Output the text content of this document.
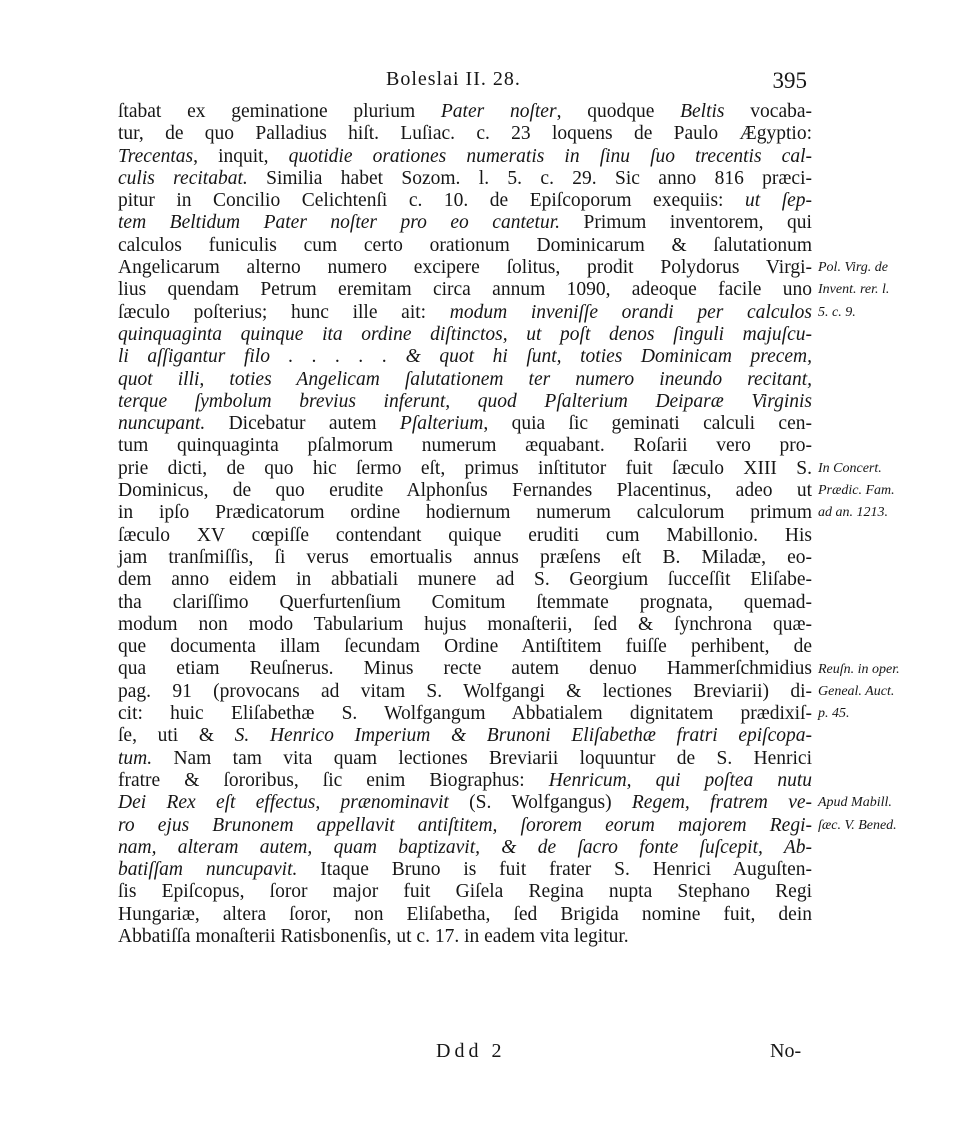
Boleslai II. 28.	395
ſtabat ex geminatione plurium Pater noſter, quodque Beltis vocaba-
tur, de quo Palladius hiſt. Luſiac. c. 23 loquens de Paulo Ægyptio:
Trecentas, inquit, quotidie orationes numeratis in ſinu ſuo trecentis cal-
culis recitabat. Similia habet Sozom. l. 5. c. 29. Sic anno 816 præci-
pitur in Concilio Celichtenſi c. 10. de Epiſcoporum exequiis: ut ſep-
tem Beltidum Pater noſter pro eo cantetur. Primum inventorem, qui
calculos funiculis cum certo orationum Dominicarum & ſalutationum
Angelicarum alterno numero excipere ſolitus, prodit Polydorus Virgi-
lius quendam Petrum eremitam circa annum 1090, adeoque facile uno
ſæculo poſterius; hunc ille ait: modum inveniſſe orandi per calculos
quinquaginta quinque ita ordine diſtinctos, ut poſt denos ſinguli majuſcu-
li aſſigantur filo . . . . . & quot hi ſunt, toties Dominicam precem,
quot illi, toties Angelicam ſalutationem ter numero ineundo recitant,
terque ſymbolum brevius inferunt, quod Pſalterium Deiparæ Virginis
nuncupant. Dicebatur autem Pſalterium, quia ſic geminati calculi cen-
tum quinquaginta pſalmorum numerum æquabant. Roſarii vero pro-
prie dicti, de quo hic ſermo eſt, primus inſtitutor fuit ſæculo XIII S.
Dominicus, de quo erudite Alphonſus Fernandes Placentinus, adeo ut
in ipſo Prædicatorum ordine hodiernum numerum calculorum primum
ſæculo XV cœpiſſe contendant quique eruditi cum Mabillonio. His
jam tranſmiſſis, ſi verus emortualis annus præſens eſt B. Miladæ, eo-
dem anno eidem in abbatiali munere ad S. Georgium ſucceſſit Eliſabe-
tha clariſſimo Querfurtenſium Comitum ſtemmate prognata, quemad-
modum non modo Tabularium hujus monaſterii, ſed & ſynchrona quæ-
que documenta illam ſecundam Ordine Antiſtitem fuiſſe perhibent, de
qua etiam Reuſnerus. Minus recte autem denuo Hammerſchmidius
pag. 91 (provocans ad vitam S. Wolfgangi & lectiones Breviarii) di-
cit: huic Eliſabethæ S. Wolfgangum Abbatialem dignitatem prædixiſ-
ſe, uti & S. Henrico Imperium & Brunoni Eliſabethæ fratri epiſcopa-
tum. Nam tam vita quam lectiones Breviarii loquuntur de S. Henrici
fratre & ſororibus, ſic enim Biographus: Henricum, qui poſtea nutu
Dei Rex eſt effectus, prænominavit (S. Wolfgangus) Regem, fratrem ve-
ro ejus Brunonem appellavit antiſtitem, ſororem eorum majorem Regi-
nam, alteram autem, quam baptizavit, & de ſacro fonte ſuſcepit, Ab-
batiſſam nuncupavit. Itaque Bruno is fuit frater S. Henrici Auguſten-
ſis Epiſcopus, ſoror major fuit Giſela Regina nupta Stephano Regi
Hungariæ, altera ſoror, non Eliſabetha, ſed Brigida nomine fuit, dein
Abbatiſſa monaſterii Ratisbonenſis, ut c. 17. in eadem vita legitur.
Pol. Virg. de
Invent. rer. l.
5. c. 9.
In Concert.
Prædic. Fam.
ad an. 1213.
Reuſn. in oper.
Geneal. Auct.
p. 45.
Apud Mabill.
ſæc. V. Bened.
Ddd 2	No-
